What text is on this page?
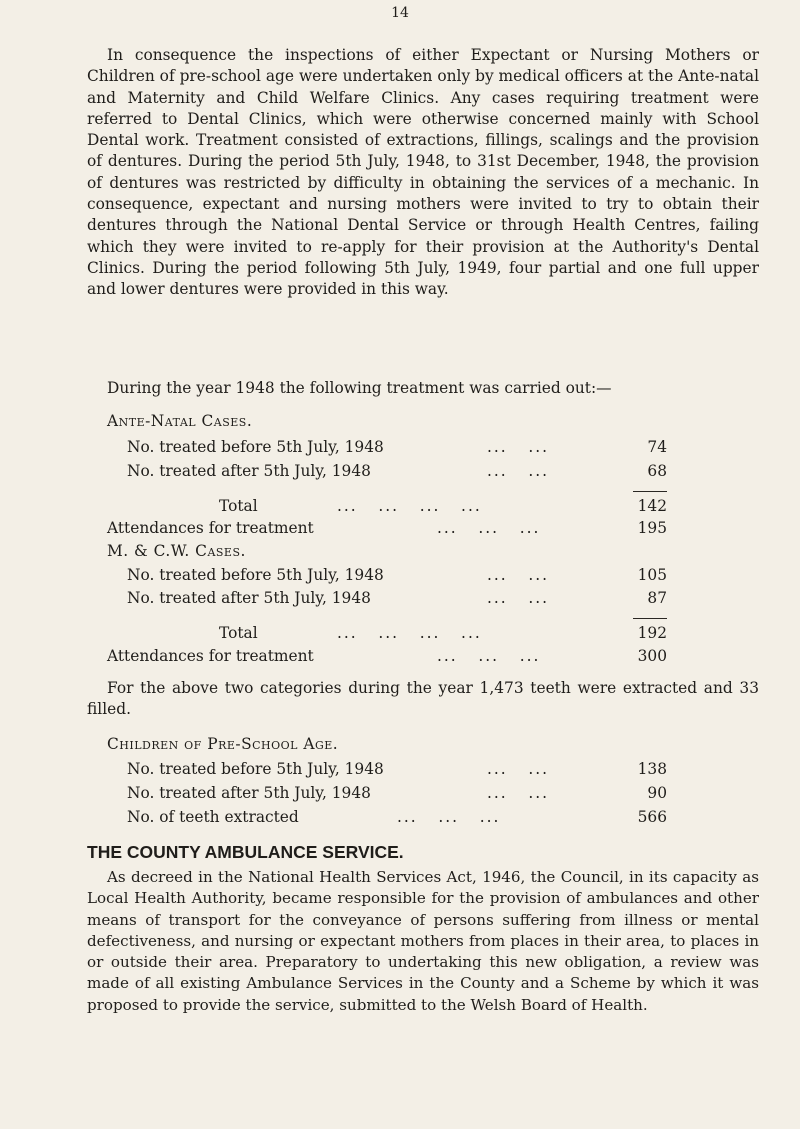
14

In consequence the inspections of either Expectant or Nursing Mothers or Children of pre-school age were undertaken only by medical officers at the Ante-natal and Maternity and Child Welfare Clinics. Any cases requiring treatment were referred to Dental Clinics, which were otherwise concerned mainly with School Dental work. Treatment consisted of extractions, fillings, scalings and the provision of dentures. During the period 5th July, 1948, to 31st December, 1948, the provision of dentures was restricted by difficulty in obtaining the services of a mechanic. In consequence, expectant and nursing mothers were invited to try to obtain their dentures through the National Dental Service or through Health Centres, failing which they were invited to re-apply for their provision at the Authority's Dental Clinics. During the period following 5th July, 1949, four partial and one full upper and lower dentures were provided in this way.

During the year 1948 the following treatment was carried out:—
Ante-Natal Cases.
No. treated before 5th July, 1948	...   ...	74
No. treated after 5th July, 1948	...   ...	68
Total	...   ...   ...   ...	142
Attendances for treatment	...   ...   ...	195
M. & C.W. Cases.
No. treated before 5th July, 1948	...   ...	105
No. treated after 5th July, 1948	...   ...	87
Total	...   ...   ...   ...	192
Attendances for treatment	...   ...   ...	300

For the above two categories during the year 1,473 teeth were extracted and 33 filled.

Children of Pre-School Age.
No. treated before 5th July, 1948	...   ...	138
No. treated after 5th July, 1948	...   ...	90
No. of teeth extracted	...   ...   ...	566
THE COUNTY AMBULANCE SERVICE.

As decreed in the National Health Services Act, 1946, the Council, in its capacity as Local Health Authority, became responsible for the provision of ambulances and other means of transport for the conveyance of persons suffering from illness or mental defectiveness, and nursing or expectant mothers from places in their area, to places in or outside their area. Preparatory to undertaking this new obligation, a review was made of all existing Ambulance Services in the County and a Scheme by which it was proposed to provide the service, submitted to the Welsh Board of Health.
